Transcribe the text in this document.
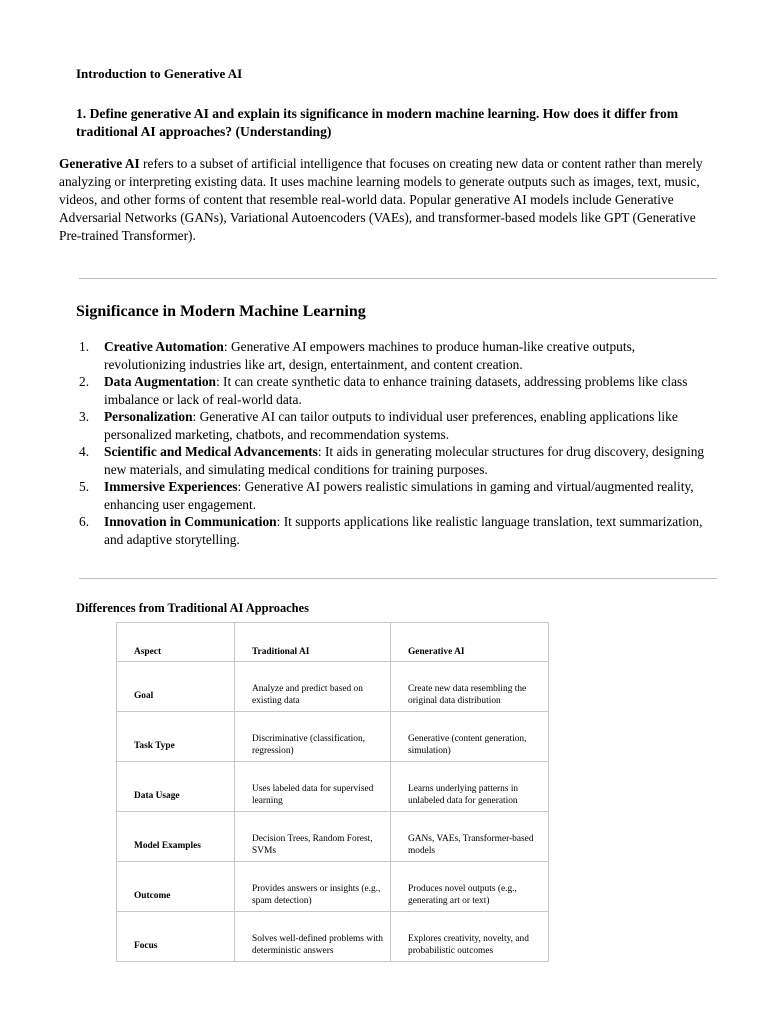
Introduction to Generative AI

1. Define generative AI and explain its significance in modern machine learning. How does it differ from traditional AI approaches? (Understanding)

Generative AI refers to a subset of artificial intelligence that focuses on creating new data or content rather than merely analyzing or interpreting existing data. It uses machine learning models to generate outputs such as images, text, music, videos, and other forms of content that resemble real-world data. Popular generative AI models include Generative Adversarial Networks (GANs), Variational Autoencoders (VAEs), and transformer-based models like GPT (Generative Pre-trained Transformer).

Significance in Modern Machine Learning
1. Creative Automation: Generative AI empowers machines to produce human-like creative outputs, revolutionizing industries like art, design, entertainment, and content creation.
2. Data Augmentation: It can create synthetic data to enhance training datasets, addressing problems like class imbalance or lack of real-world data.
3. Personalization: Generative AI can tailor outputs to individual user preferences, enabling applications like personalized marketing, chatbots, and recommendation systems.
4. Scientific and Medical Advancements: It aids in generating molecular structures for drug discovery, designing new materials, and simulating medical conditions for training purposes.
5. Immersive Experiences: Generative AI powers realistic simulations in gaming and virtual/augmented reality, enhancing user engagement.
6. Innovation in Communication: It supports applications like realistic language translation, text summarization, and adaptive storytelling.
Differences from Traditional AI Approaches
Aspect	Traditional AI	Generative AI
Goal	Analyze and predict based on existing data	Create new data resembling the original data distribution
Task Type	Discriminative (classification, regression)	Generative (content generation, simulation)
Data Usage	Uses labeled data for supervised learning	Learns underlying patterns in unlabeled data for generation
Model Examples	Decision Trees, Random Forest, SVMs	GANs, VAEs, Transformer-based models
Outcome	Provides answers or insights (e.g., spam detection)	Produces novel outputs (e.g., generating art or text)
Focus	Solves well-defined problems with deterministic answers	Explores creativity, novelty, and probabilistic outcomes
